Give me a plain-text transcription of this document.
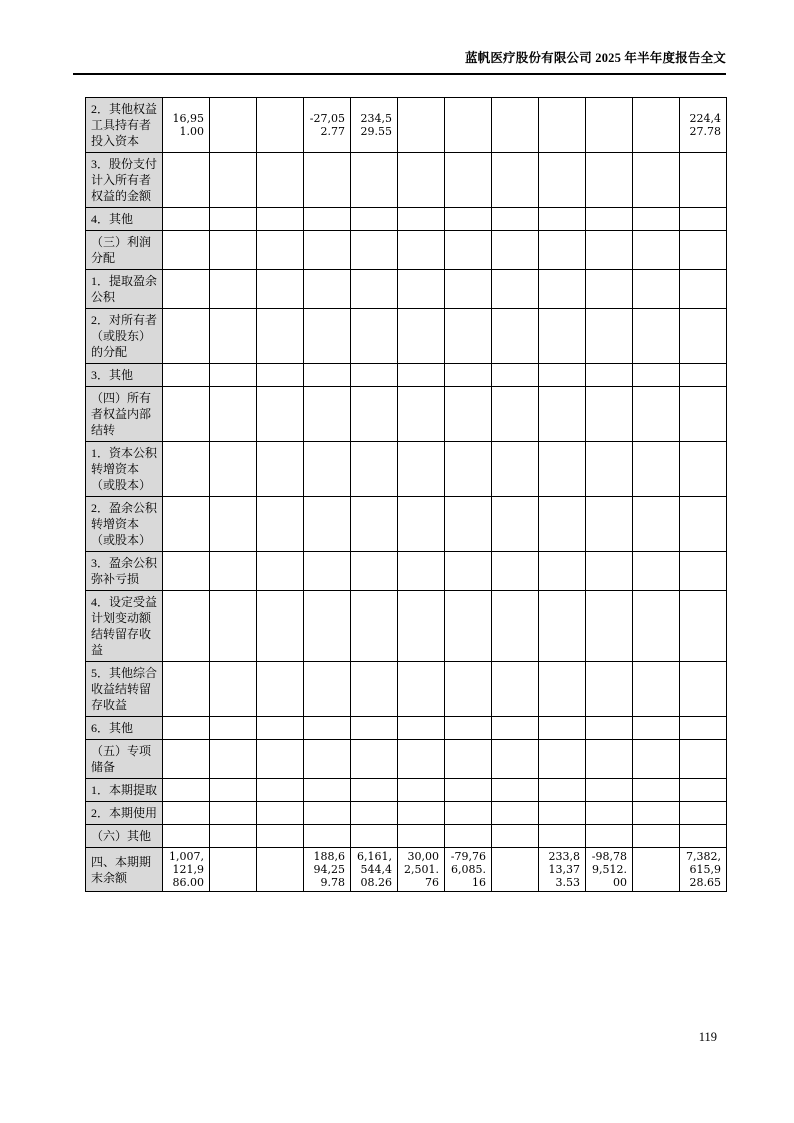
蓝帆医疗股份有限公司 2025 年半年度报告全文
2．其他权益工具持有者投入资本	16,951.00			-27,052.77	234,529.55							224,427.78
3．股份支付计入所有者权益的金额												
4．其他												
（三）利润分配												
1．提取盈余公积												
2．对所有者（或股东）的分配												
3．其他												
（四）所有者权益内部结转												
1．资本公积转增资本（或股本）												
2．盈余公积转增资本（或股本）												
3．盈余公积弥补亏损												
4．设定受益计划变动额结转留存收益												
5．其他综合收益结转留存收益												
6．其他												
（五）专项储备												
1．本期提取												
2．本期使用												
（六）其他												
四、本期期末余额	1,007,121,986.00			188,694,259.78	6,161,544,408.26	30,002,501.76	-79,766,085.16		233,813,373.53	-98,789,512.00		7,382,615,928.65
119
